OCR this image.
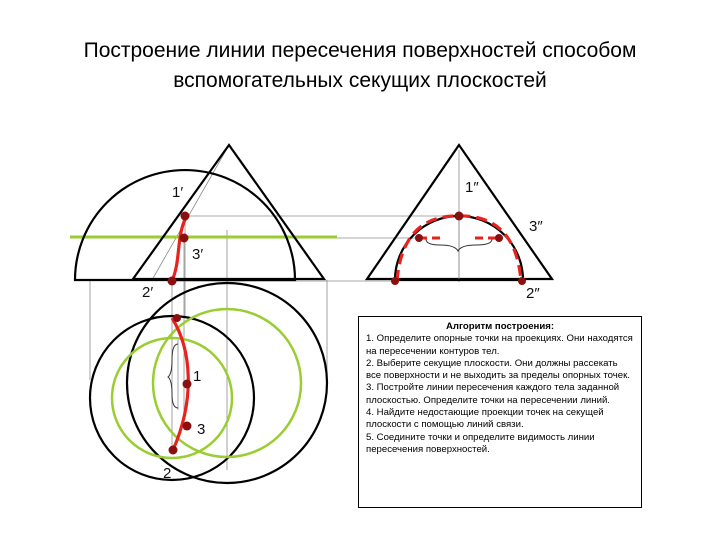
Построение линии пересечения поверхностей способом
вспомогательных секущих плоскостей
1′	1″
3′
3″
2′	2″
1
3
2
Алгоритм построения:
1. Определите опорные точки на проекциях. Они находятся на пересечении контуров тел.
2. Выберите секущие плоскости. Они должны рассекать все поверхности и не выходить за пределы опорных точек.
3. Постройте линии пересечения каждого тела заданной плоскостью. Определите точки на пересечении линий.
4. Найдите недостающие проекции точек на секущей плоскости с помощью линий связи.
5. Соедините точки и определите видимость линии пересечения поверхностей.
